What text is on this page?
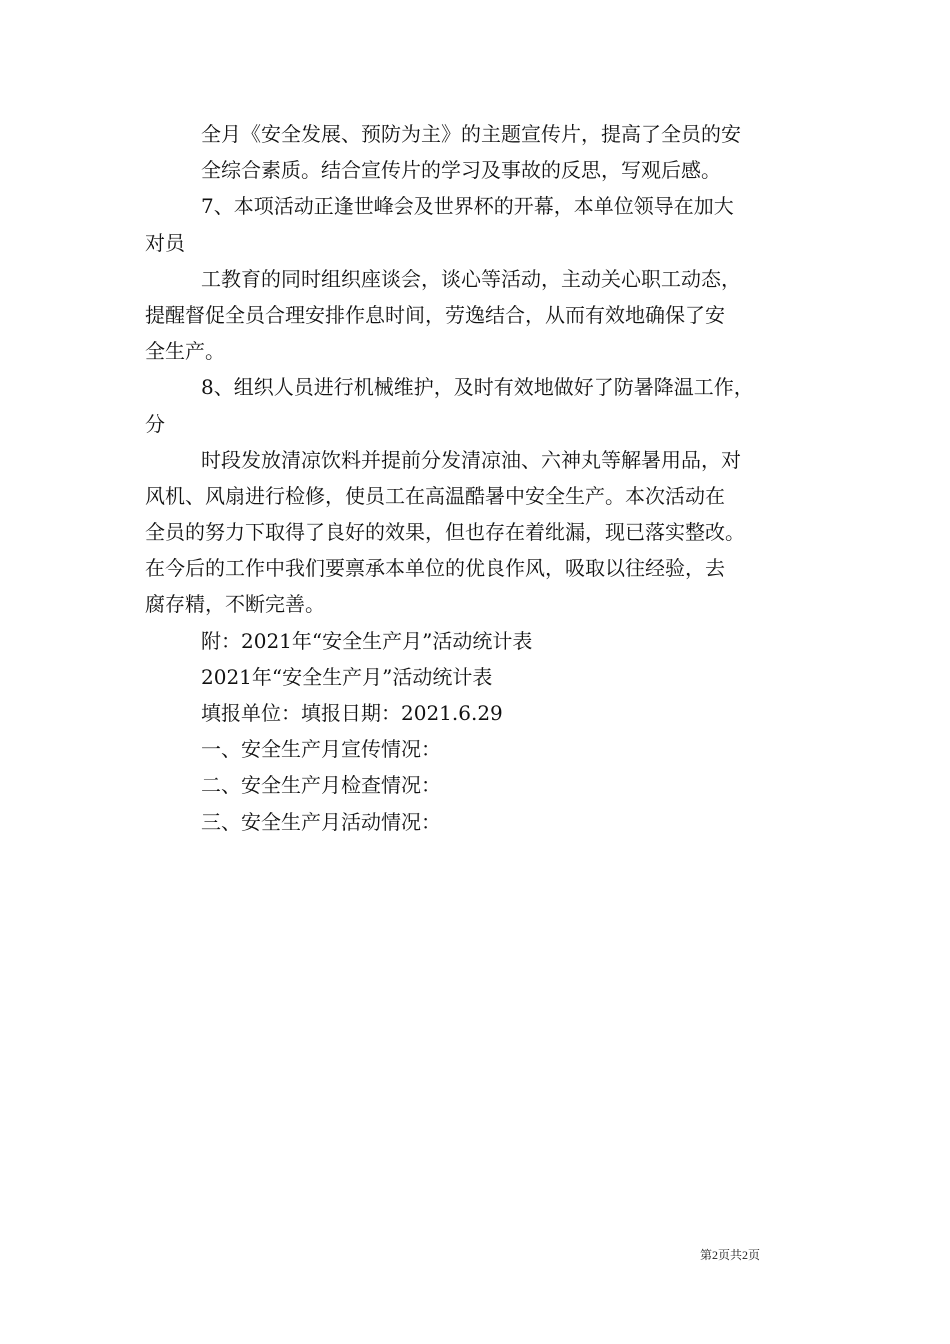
全月《安全发展、预防为主》的主题宣传片，提高了全员的安
全综合素质。结合宣传片的学习及事故的反思，写观后感。
7、本项活动正逢世峰会及世界杯的开幕，本单位领导在加大
对员
工教育的同时组织座谈会，谈心等活动，主动关心职工动态，
提醒督促全员合理安排作息时间，劳逸结合，从而有效地确保了安
全生产。
8、组织人员进行机械维护，及时有效地做好了防暑降温工作，
分
时段发放清凉饮料并提前分发清凉油、六神丸等解暑用品，对
风机、风扇进行检修，使员工在高温酷暑中安全生产。本次活动在
全员的努力下取得了良好的效果，但也存在着纰漏，现已落实整改。
在今后的工作中我们要禀承本单位的优良作风，吸取以往经验，去
腐存精，不断完善。
附：2021年“安全生产月”活动统计表
2021年“安全生产月”活动统计表
填报单位：填报日期：2021.6.29
一、安全生产月宣传情况：
二、安全生产月检查情况：
三、安全生产月活动情况：
第2页共2页
